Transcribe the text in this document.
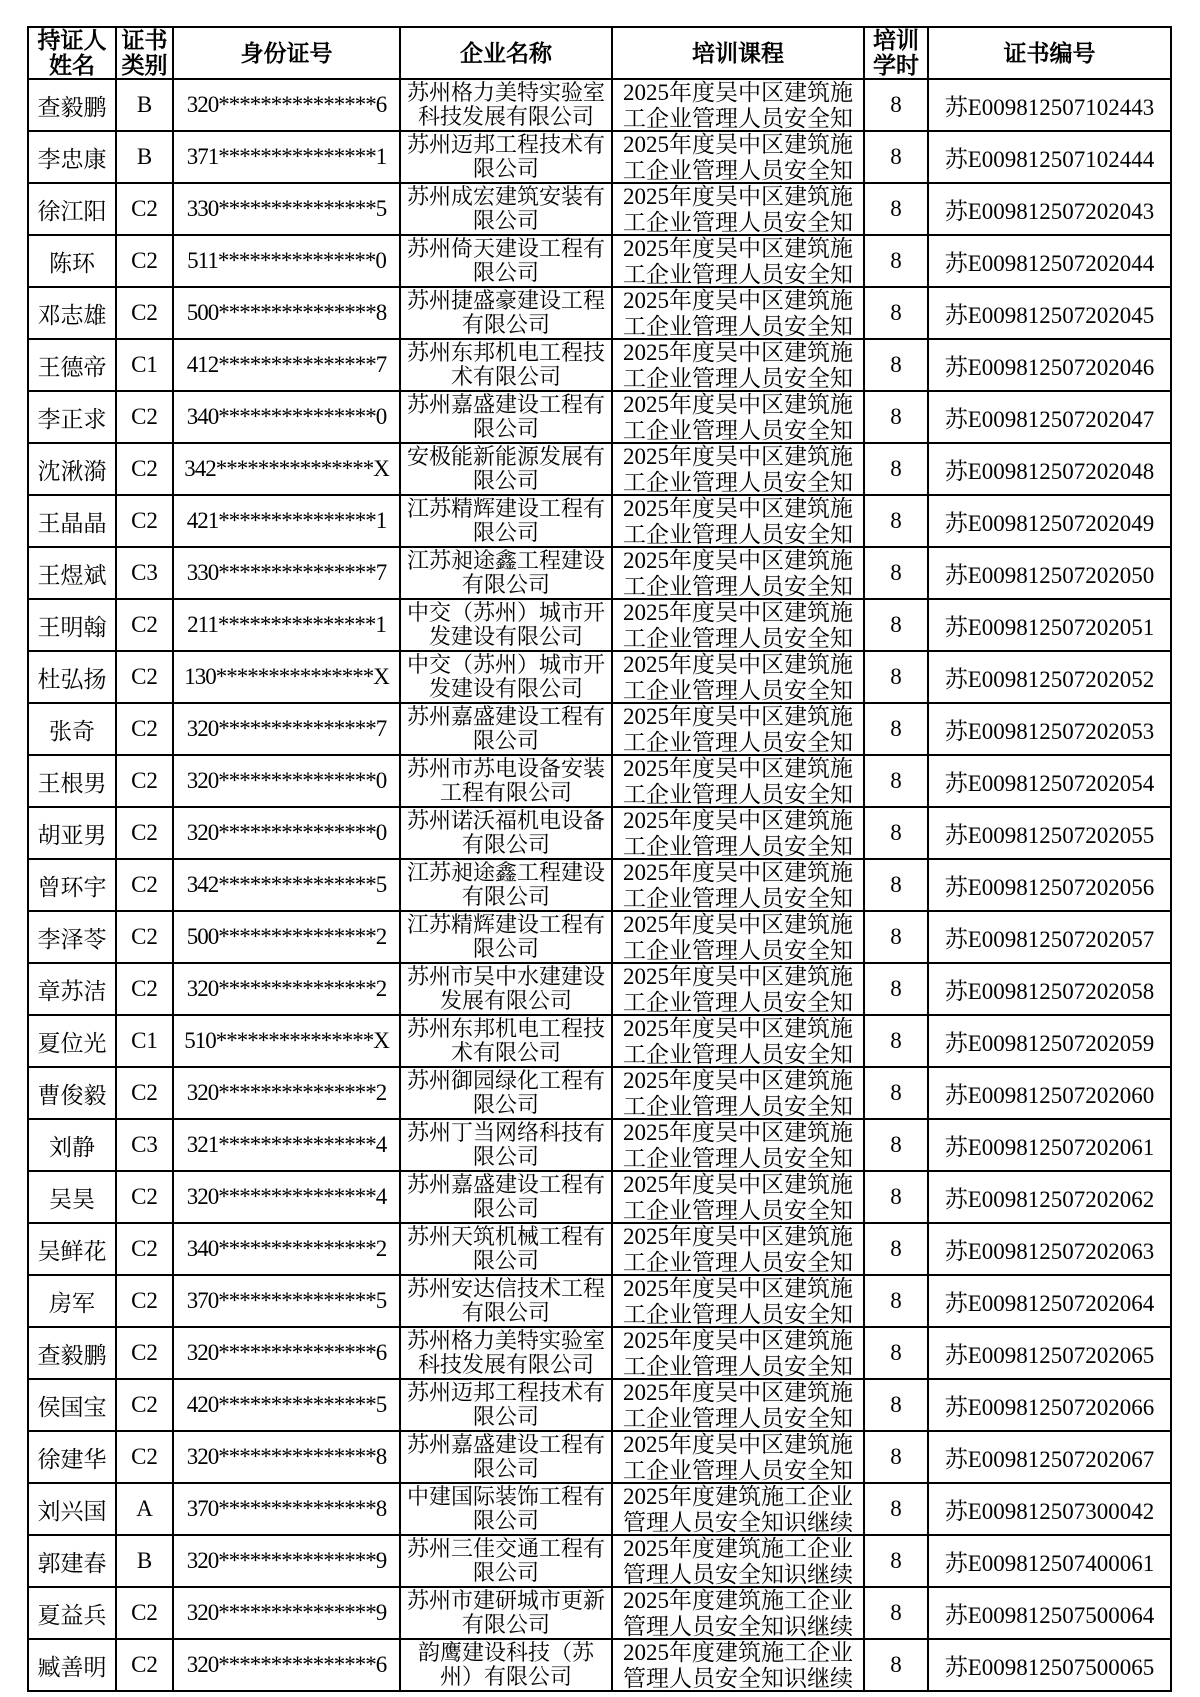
持证人姓名	证书类别	身份证号	企业名称	培训课程	培训学时	证书编号
查毅鹏	B	320***************6	苏州格力美特实验室科技发展有限公司	2025年度吴中区建筑施工企业管理人员安全知	8	苏E009812507102443
李忠康	B	371***************1	苏州迈邦工程技术有限公司	2025年度吴中区建筑施工企业管理人员安全知	8	苏E009812507102444
徐江阳	C2	330***************5	苏州成宏建筑安装有限公司	2025年度吴中区建筑施工企业管理人员安全知	8	苏E009812507202043
陈环	C2	511***************0	苏州倚天建设工程有限公司	2025年度吴中区建筑施工企业管理人员安全知	8	苏E009812507202044
邓志雄	C2	500***************8	苏州捷盛豪建设工程有限公司	2025年度吴中区建筑施工企业管理人员安全知	8	苏E009812507202045
王德帝	C1	412***************7	苏州东邦机电工程技术有限公司	2025年度吴中区建筑施工企业管理人员安全知	8	苏E009812507202046
李正求	C2	340***************0	苏州嘉盛建设工程有限公司	2025年度吴中区建筑施工企业管理人员安全知	8	苏E009812507202047
沈湫漪	C2	342***************X	安极能新能源发展有限公司	2025年度吴中区建筑施工企业管理人员安全知	8	苏E009812507202048
王晶晶	C2	421***************1	江苏精辉建设工程有限公司	2025年度吴中区建筑施工企业管理人员安全知	8	苏E009812507202049
王煜斌	C3	330***************7	江苏昶途鑫工程建设有限公司	2025年度吴中区建筑施工企业管理人员安全知	8	苏E009812507202050
王明翰	C2	211***************1	中交（苏州）城市开发建设有限公司	2025年度吴中区建筑施工企业管理人员安全知	8	苏E009812507202051
杜弘扬	C2	130***************X	中交（苏州）城市开发建设有限公司	2025年度吴中区建筑施工企业管理人员安全知	8	苏E009812507202052
张奇	C2	320***************7	苏州嘉盛建设工程有限公司	2025年度吴中区建筑施工企业管理人员安全知	8	苏E009812507202053
王根男	C2	320***************0	苏州市苏电设备安装工程有限公司	2025年度吴中区建筑施工企业管理人员安全知	8	苏E009812507202054
胡亚男	C2	320***************0	苏州诺沃福机电设备有限公司	2025年度吴中区建筑施工企业管理人员安全知	8	苏E009812507202055
曾环宇	C2	342***************5	江苏昶途鑫工程建设有限公司	2025年度吴中区建筑施工企业管理人员安全知	8	苏E009812507202056
李泽苓	C2	500***************2	江苏精辉建设工程有限公司	2025年度吴中区建筑施工企业管理人员安全知	8	苏E009812507202057
章苏洁	C2	320***************2	苏州市吴中水建建设发展有限公司	2025年度吴中区建筑施工企业管理人员安全知	8	苏E009812507202058
夏位光	C1	510***************X	苏州东邦机电工程技术有限公司	2025年度吴中区建筑施工企业管理人员安全知	8	苏E009812507202059
曹俊毅	C2	320***************2	苏州御园绿化工程有限公司	2025年度吴中区建筑施工企业管理人员安全知	8	苏E009812507202060
刘静	C3	321***************4	苏州丁当网络科技有限公司	2025年度吴中区建筑施工企业管理人员安全知	8	苏E009812507202061
吴昊	C2	320***************4	苏州嘉盛建设工程有限公司	2025年度吴中区建筑施工企业管理人员安全知	8	苏E009812507202062
吴鲜花	C2	340***************2	苏州天筑机械工程有限公司	2025年度吴中区建筑施工企业管理人员安全知	8	苏E009812507202063
房军	C2	370***************5	苏州安达信技术工程有限公司	2025年度吴中区建筑施工企业管理人员安全知	8	苏E009812507202064
查毅鹏	C2	320***************6	苏州格力美特实验室科技发展有限公司	2025年度吴中区建筑施工企业管理人员安全知	8	苏E009812507202065
侯国宝	C2	420***************5	苏州迈邦工程技术有限公司	2025年度吴中区建筑施工企业管理人员安全知	8	苏E009812507202066
徐建华	C2	320***************8	苏州嘉盛建设工程有限公司	2025年度吴中区建筑施工企业管理人员安全知	8	苏E009812507202067
刘兴国	A	370***************8	中建国际装饰工程有限公司	2025年度建筑施工企业管理人员安全知识继续	8	苏E009812507300042
郭建春	B	320***************9	苏州三佳交通工程有限公司	2025年度建筑施工企业管理人员安全知识继续	8	苏E009812507400061
夏益兵	C2	320***************9	苏州市建研城市更新有限公司	2025年度建筑施工企业管理人员安全知识继续	8	苏E009812507500064
臧善明	C2	320***************6	韵鹰建设科技（苏州）有限公司	2025年度建筑施工企业管理人员安全知识继续	8	苏E009812507500065
